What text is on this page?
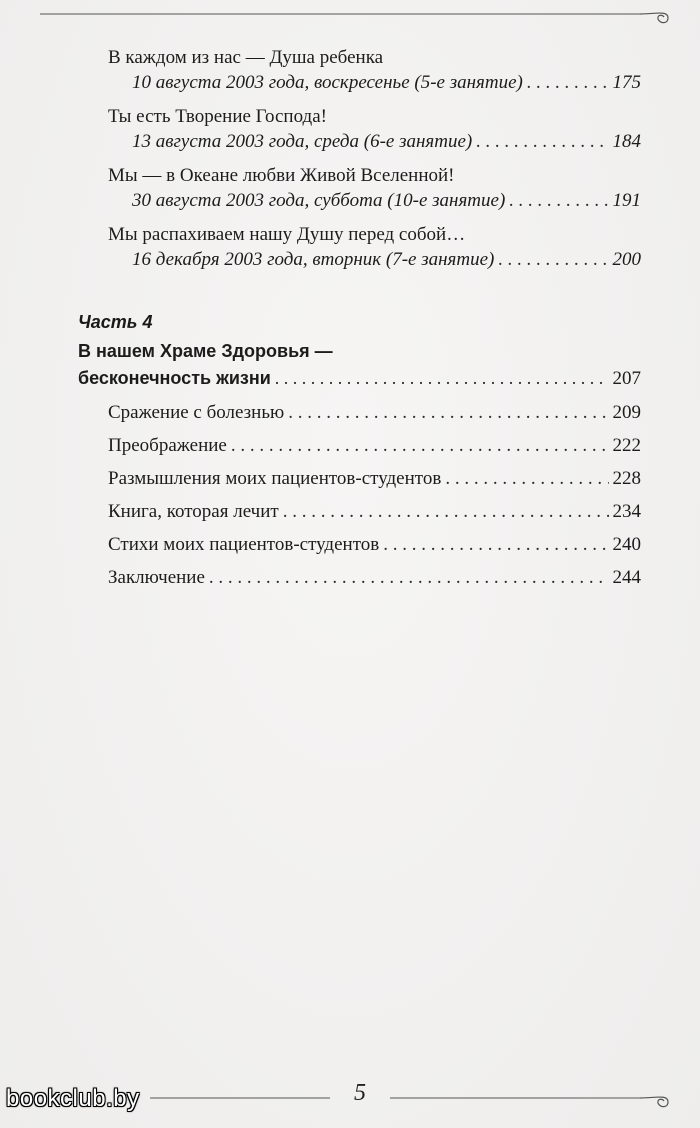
В каждом из нас — Душа ребенка
10 августа 2003 года, воскресенье (5-е занятие) . . .	175
Ты есть Творение Господа!
13 августа 2003 года, среда (6-е занятие) . . .	184
Мы — в Океане любви Живой Вселенной!
30 августа 2003 года, суббота (10-е занятие) . . .	191
Мы распахиваем нашу Душу перед собой…
16 декабря 2003 года, вторник (7-е занятие) . . .	200
Часть 4
В нашем Храме Здоровья —
бесконечность жизни . . .	207
Сражение с болезнью . . .	209
Преображение . . .	222
Размышления моих пациентов-студентов . . .	228
Книга, которая лечит . . .	234
Стихи моих пациентов-студентов . . .	240
Заключение . . .	244
5
bookclub.by
